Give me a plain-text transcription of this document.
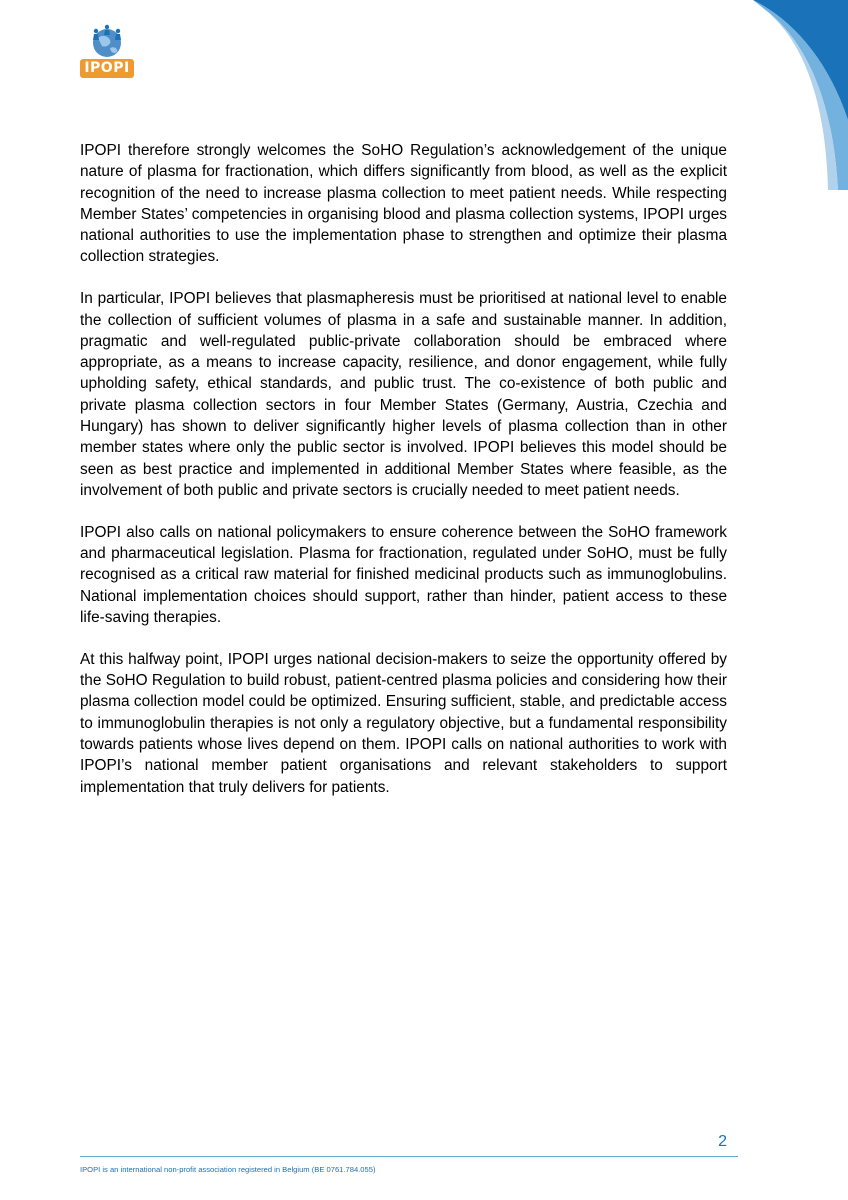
IPOPI

IPOPI therefore strongly welcomes the SoHO Regulation’s acknowledgement of the unique nature of plasma for fractionation, which differs significantly from blood, as well as the explicit recognition of the need to increase plasma collection to meet patient needs. While respecting Member States’ competencies in organising blood and plasma collection systems, IPOPI urges national authorities to use the implementation phase to strengthen and optimize their plasma collection strategies.

In particular, IPOPI believes that plasmapheresis must be prioritised at national level to enable the collection of sufficient volumes of plasma in a safe and sustainable manner. In addition, pragmatic and well-regulated public-private collaboration should be embraced where appropriate, as a means to increase capacity, resilience, and donor engagement, while fully upholding safety, ethical standards, and public trust. The co-existence of both public and private plasma collection sectors in four Member States (Germany, Austria, Czechia and Hungary) has shown to deliver significantly higher levels of plasma collection than in other member states where only the public sector is involved. IPOPI believes this model should be seen as best practice and implemented in additional Member States where feasible, as the involvement of both public and private sectors is crucially needed to meet patient needs.

IPOPI also calls on national policymakers to ensure coherence between the SoHO framework and pharmaceutical legislation. Plasma for fractionation, regulated under SoHO, must be fully recognised as a critical raw material for finished medicinal products such as immunoglobulins. National implementation choices should support, rather than hinder, patient access to these life-saving therapies.

At this halfway point, IPOPI urges national decision-makers to seize the opportunity offered by the SoHO Regulation to build robust, patient-centred plasma policies and considering how their plasma collection model could be optimized. Ensuring sufficient, stable, and predictable access to immunoglobulin therapies is not only a regulatory objective, but a fundamental responsibility towards patients whose lives depend on them. IPOPI calls on national authorities to work with IPOPI’s national member patient organisations and relevant stakeholders to support implementation that truly delivers for patients.

2
IPOPI is an international non-profit association registered in Belgium (BE 0761.784.055)
